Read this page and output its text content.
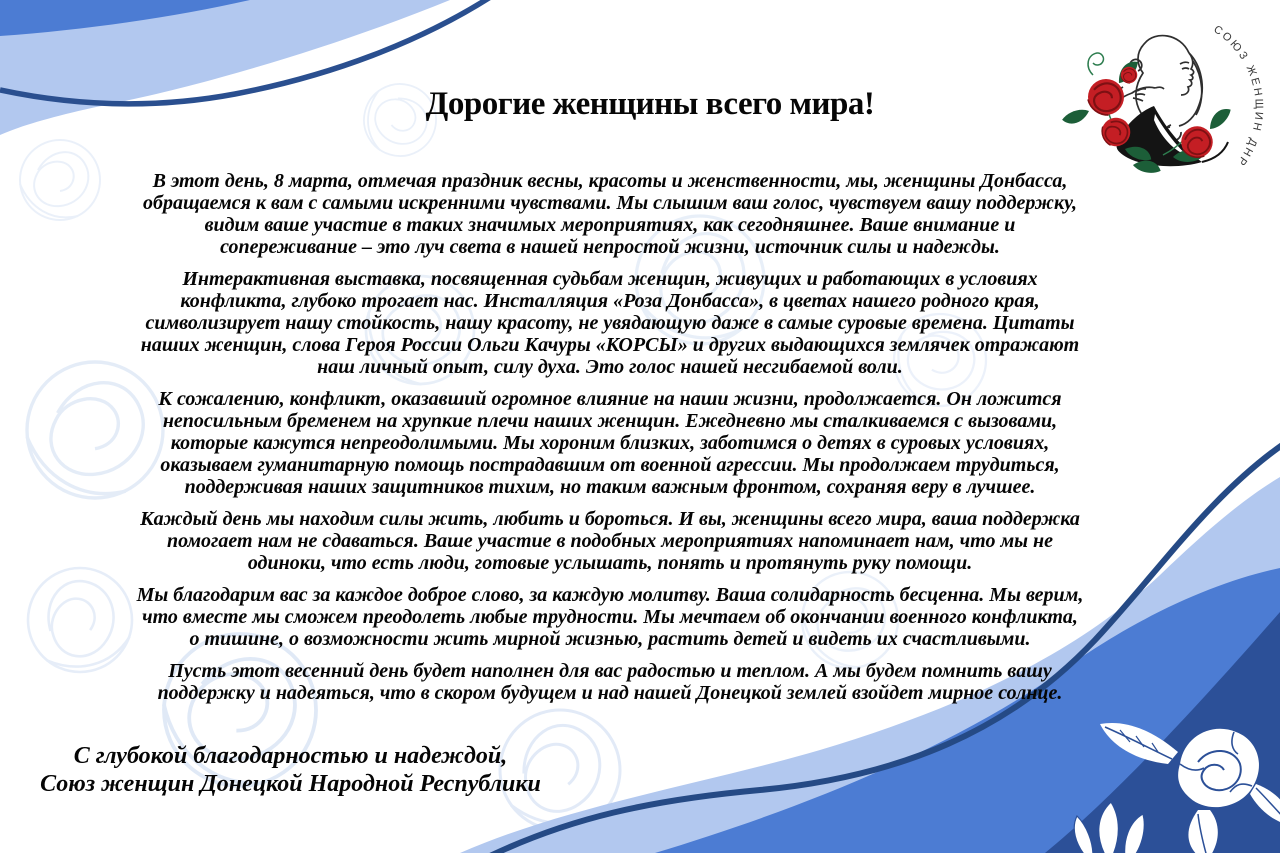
СОЮЗ ЖЕНЩИН ДНР
Дорогие женщины всего мира!

В этот день, 8 марта, отмечая праздник весны, красоты и женственности, мы, женщины Донбасса, обращаемся к вам с самыми искренними чувствами. Мы слышим ваш голос, чувствуем вашу поддержку, видим ваше участие в таких значимых мероприятиях, как сегодняшнее. Ваше внимание и сопереживание – это луч света в нашей непростой жизни, источник силы и надежды.

Интерактивная выставка, посвященная судьбам женщин, живущих и работающих в условиях конфликта, глубоко трогает нас. Инсталляция «Роза Донбасса», в цветах нашего родного края, символизирует нашу стойкость, нашу красоту, не увядающую даже в самые суровые времена. Цитаты наших женщин, слова Героя России Ольги Качуры «КОРСЫ» и других выдающихся землячек отражают наш личный опыт, силу духа. Это голос нашей несгибаемой воли.

К сожалению, конфликт, оказавший огромное влияние на наши жизни, продолжается. Он ложится непосильным бременем на хрупкие плечи наших женщин. Ежедневно мы сталкиваемся с вызовами, которые кажутся непреодолимыми. Мы хороним близких, заботимся о детях в суровых условиях, оказываем гуманитарную помощь пострадавшим от военной агрессии. Мы продолжаем трудиться, поддерживая наших защитников тихим, но таким важным фронтом, сохраняя веру в лучшее.

Каждый день мы находим силы жить, любить и бороться. И вы, женщины всего мира, ваша поддержка помогает нам не сдаваться. Ваше участие в подобных мероприятиях напоминает нам, что мы не одиноки, что есть люди, готовые услышать, понять и протянуть руку помощи.

Мы благодарим вас за каждое доброе слово, за каждую молитву. Ваша солидарность бесценна. Мы верим, что вместе мы сможем преодолеть любые трудности. Мы мечтаем об окончании военного конфликта, о тишине, о возможности жить мирной жизнью, растить детей и видеть их счастливыми.

Пусть этот весенний день будет наполнен для вас радостью и теплом. А мы будем помнить вашу поддержку и надеяться, что в скором будущем и над нашей Донецкой землей взойдет мирное солнце.

С глубокой благодарностью и надеждой,
Союз женщин Донецкой Народной Республики
